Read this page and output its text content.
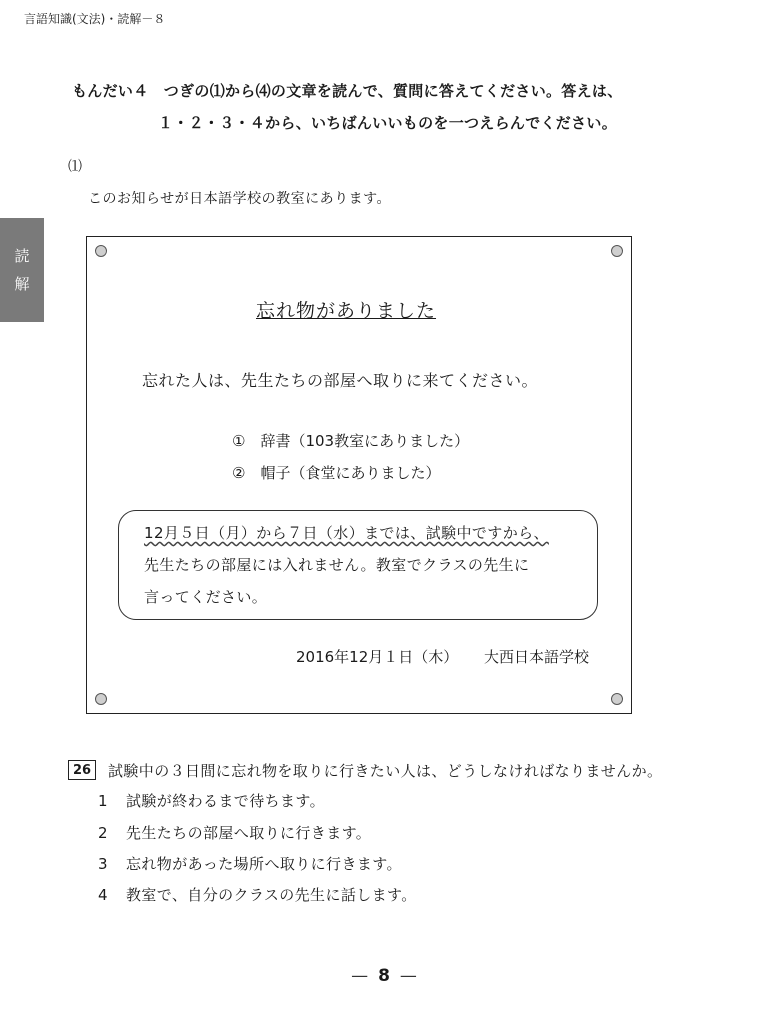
言語知識(文法)・読解－８
もんだい４　つぎの⑴から⑷の文章を読んで、質問に答えてください。答えは、
１・２・３・４から、いちばんいいものを一つえらんでください。
⑴
このお知らせが日本語学校の教室にあります。
読
解
忘れ物がありました
忘れた人は、先生たちの部屋へ取りに来てください。
①　辞書（103教室にありました）
②　帽子（食堂にありました）
12月５日（月）から７日（水）までは、試験中ですから、
先生たちの部屋には入れません。教室でクラスの先生に
言ってください。
2016年12月１日（木） 大西日本語学校
26	試験中の３日間に忘れ物を取りに行きたい人は、どうしなければなりませんか。
1 試験が終わるまで待ちます。
2 先生たちの部屋へ取りに行きます。
3 忘れ物があった場所へ取りに行きます。
4 教室で、自分のクラスの先生に話します。
— 8 —
